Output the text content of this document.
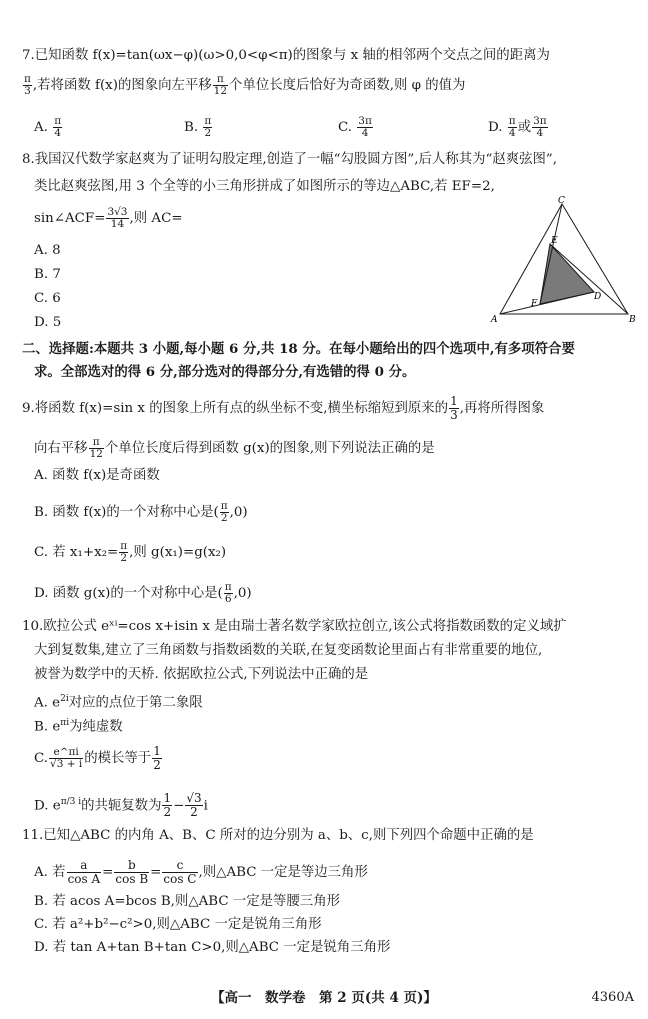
7.已知函数 f(x)=tan(ωx−φ)(ω>0,0<φ<π)的图象与 x 轴的相邻两个交点之间的距离为
$\frac{\pi}{3}$ ,若将函数 f(x)的图象向左平移 $\frac{\pi}{12}$ 个单位长度后恰好为奇函数,则 φ 的值为
A. $\frac{\pi}{4}$	B. $\frac{\pi}{2}$	C. $\frac{3\pi}{4}$	D. $\frac{\pi}{4}$ 或 $\frac{3\pi}{4}$
8.我国汉代数学家赵爽为了证明勾股定理,创造了一幅“勾股圆方图”,后人称其为“赵爽弦图”,
类比赵爽弦图,用 3 个全等的小三角形拼成了如图所示的等边△ABC,若 EF=2,
sin∠ACF= $\frac{3√3}{14}$ ,则 AC=
A. 8
B. 7
C. 6
D. 5
C
A	B
E
F
D
二、选择题:本题共 3 小题,每小题 6 分,共 18 分。在每小题给出的四个选项中,有多项符合要
求。全部选对的得 6 分,部分选对的得部分分,有选错的得 0 分。
9.将函数 f(x)=sin x 的图象上所有点的纵坐标不变,横坐标缩短到原来的 $\frac{1}{3}$ ,再将所得图象
向右平移 $\frac{\pi}{12}$ 个单位长度后得到函数 g(x)的图象,则下列说法正确的是
A. 函数 f(x)是奇函数
B. 函数 f(x)的一个对称中心是( $\frac{\pi}{2} ,0$)
C. 若 $x_1+x_2= \frac{\pi}{2}$ ,则 g(x₁)=g(x₂)
D. 函数 g(x)的一个对称中心是( $\frac{\pi}{6} ,0$)
10.欧拉公式 eˣⁱ=cos x+isin x 是由瑞士著名数学家欧拉创立,该公式将指数函数的定义域扩
大到复数集,建立了三角函数与指数函数的关联,在复变函数论里面占有非常重要的地位,
被誉为数学中的天桥. 依据欧拉公式,下列说法中正确的是
A. $e^{2i}$对应的点位于第二象限
B. $e^{\pi i}$为纯虚数
C. $\frac{e\^{}\pi i}{√3 + i}$ 的模长等于 $\frac{1}{2}$
D. $e^{\pi/3 i}$的共轭复数为 $\frac{1}{2} - \frac{√3}{2}$ i
11.已知△ABC 的内角 A、B、C 所对的边分别为 a、b、c,则下列四个命题中正确的是
A. 若 $\frac{a}{\text{cos A}} = \frac{b}{\text{cos B}} = \frac{c}{\text{cos C}}$ ,则△ABC 一定是等边三角形
B. 若 acos A=bcos B,则△ABC 一定是等腰三角形
C. 若 a²+b²−c²>0,则△ABC 一定是锐角三角形
D. 若 tan A+tan B+tan C>0,则△ABC 一定是锐角三角形
【高一　数学卷　第 2 页(共 4 页)】	4360A
